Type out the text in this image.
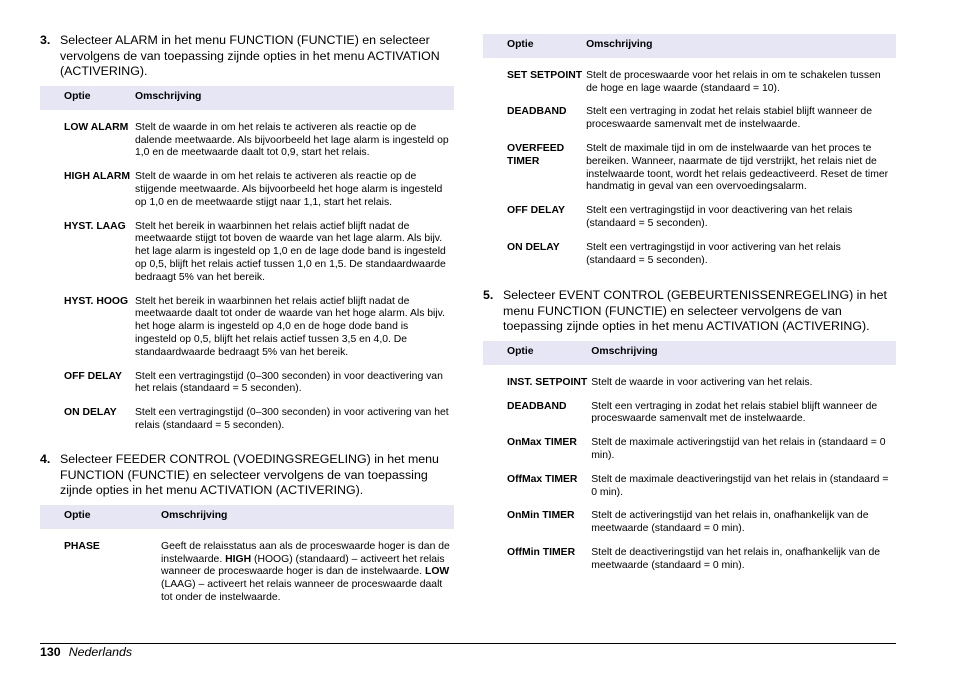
3. Selecteer ALARM in het menu FUNCTION (FUNCTIE) en selecteer vervolgens de van toepassing zijnde opties in het menu ACTIVATION (ACTIVERING).
Optie	Omschrijving

LOW ALARM	Stelt de waarde in om het relais te activeren als reactie op de dalende meetwaarde. Als bijvoorbeeld het lage alarm is ingesteld op 1,0 en de meetwaarde daalt tot 0,9, start het relais.

HIGH ALARM	Stelt de waarde in om het relais te activeren als reactie op de stijgende meetwaarde. Als bijvoorbeeld het hoge alarm is ingesteld op 1,0 en de meetwaarde stijgt naar 1,1, start het relais.

HYST. LAAG	Stelt het bereik in waarbinnen het relais actief blijft nadat de meetwaarde stijgt tot boven de waarde van het lage alarm. Als bijv. het lage alarm is ingesteld op 1,0 en de lage dode band is ingesteld op 0,5, blijft het relais actief tussen 1,0 en 1,5. De standaardwaarde bedraagt 5% van het bereik.

HYST. HOOG	Stelt het bereik in waarbinnen het relais actief blijft nadat de meetwaarde daalt tot onder de waarde van het hoge alarm. Als bijv. het hoge alarm is ingesteld op 4,0 en de hoge dode band is ingesteld op 0,5, blijft het relais actief tussen 3,5 en 4,0. De standaardwaarde bedraagt 5% van het bereik.

OFF DELAY	Stelt een vertragingstijd (0–300 seconden) in voor deactivering van het relais (standaard = 5 seconden).

ON DELAY	Stelt een vertragingstijd (0–300 seconden) in voor activering van het relais (standaard = 5 seconden).
4. Selecteer FEEDER CONTROL (VOEDINGSREGELING) in het menu FUNCTION (FUNCTIE) en selecteer vervolgens de van toepassing zijnde opties in het menu ACTIVATION (ACTIVERING).
Optie	Omschrijving

PHASE	Geeft de relaisstatus aan als de proceswaarde hoger is dan de instelwaarde. HIGH (HOOG) (standaard) – activeert het relais wanneer de proceswaarde hoger is dan de instelwaarde. LOW (LAAG) – activeert het relais wanneer de proceswaarde daalt tot onder de instelwaarde.
Optie	Omschrijving

SET SETPOINT	Stelt de proceswaarde voor het relais in om te schakelen tussen de hoge en lage waarde (standaard = 10).

DEADBAND	Stelt een vertraging in zodat het relais stabiel blijft wanneer de proceswaarde samenvalt met de instelwaarde.

OVERFEED TIMER	Stelt de maximale tijd in om de instelwaarde van het proces te bereiken. Wanneer, naarmate de tijd verstrijkt, het relais niet de instelwaarde toont, wordt het relais gedeactiveerd. Reset de timer handmatig in geval van een overvoedingsalarm.

OFF DELAY	Stelt een vertragingstijd in voor deactivering van het relais (standaard = 5 seconden).

ON DELAY	Stelt een vertragingstijd in voor activering van het relais (standaard = 5 seconden).
5. Selecteer EVENT CONTROL (GEBEURTENISSENREGELING) in het menu FUNCTION (FUNCTIE) en selecteer vervolgens de van toepassing zijnde opties in het menu ACTIVATION (ACTIVERING).
Optie	Omschrijving

INST. SETPOINT	Stelt de waarde in voor activering van het relais.

DEADBAND	Stelt een vertraging in zodat het relais stabiel blijft wanneer de proceswaarde samenvalt met de instelwaarde.

OnMax TIMER	Stelt de maximale activeringstijd van het relais in (standaard = 0 min).

OffMax TIMER	Stelt de maximale deactiveringstijd van het relais in (standaard = 0 min).

OnMin TIMER	Stelt de activeringstijd van het relais in, onafhankelijk van de meetwaarde (standaard = 0 min).

OffMin TIMER	Stelt de deactiveringstijd van het relais in, onafhankelijk van de meetwaarde (standaard = 0 min).
130 Nederlands
